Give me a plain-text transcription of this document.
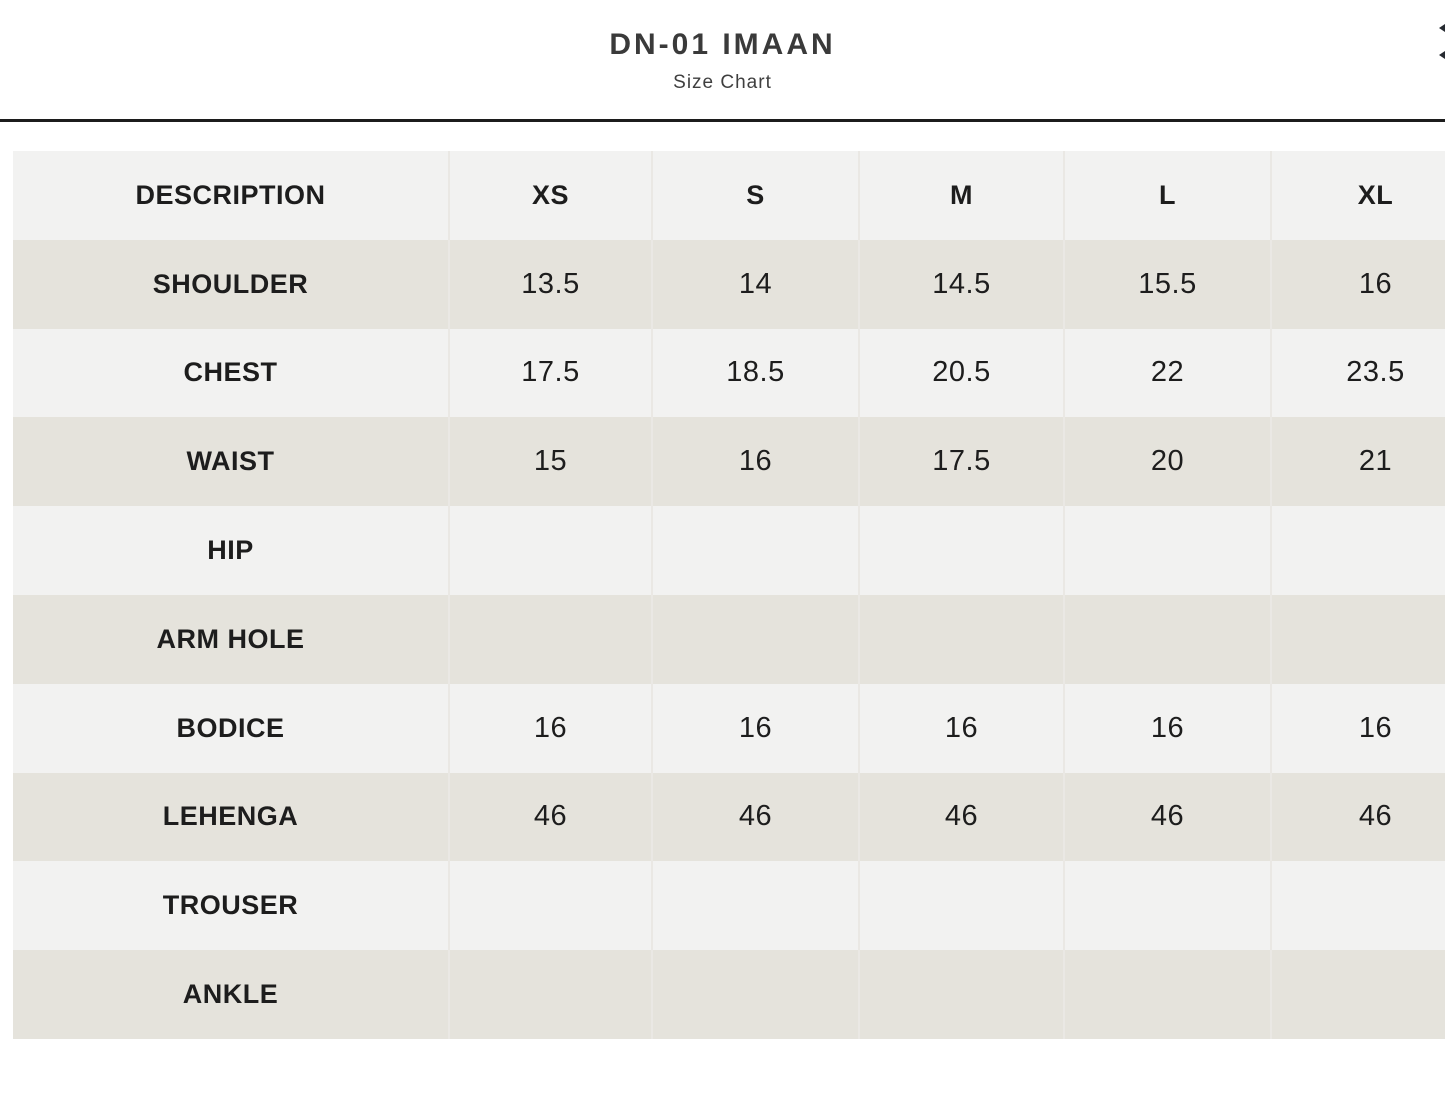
DN-01 IMAAN
Size Chart
DESCRIPTION	XS	S	M	L	XL
SHOULDER	13.5	14	14.5	15.5	16
CHEST	17.5	18.5	20.5	22	23.5
WAIST	15	16	17.5	20	21
HIP
ARM HOLE
BODICE	16	16	16	16	16
LEHENGA	46	46	46	46	46
TROUSER
ANKLE
